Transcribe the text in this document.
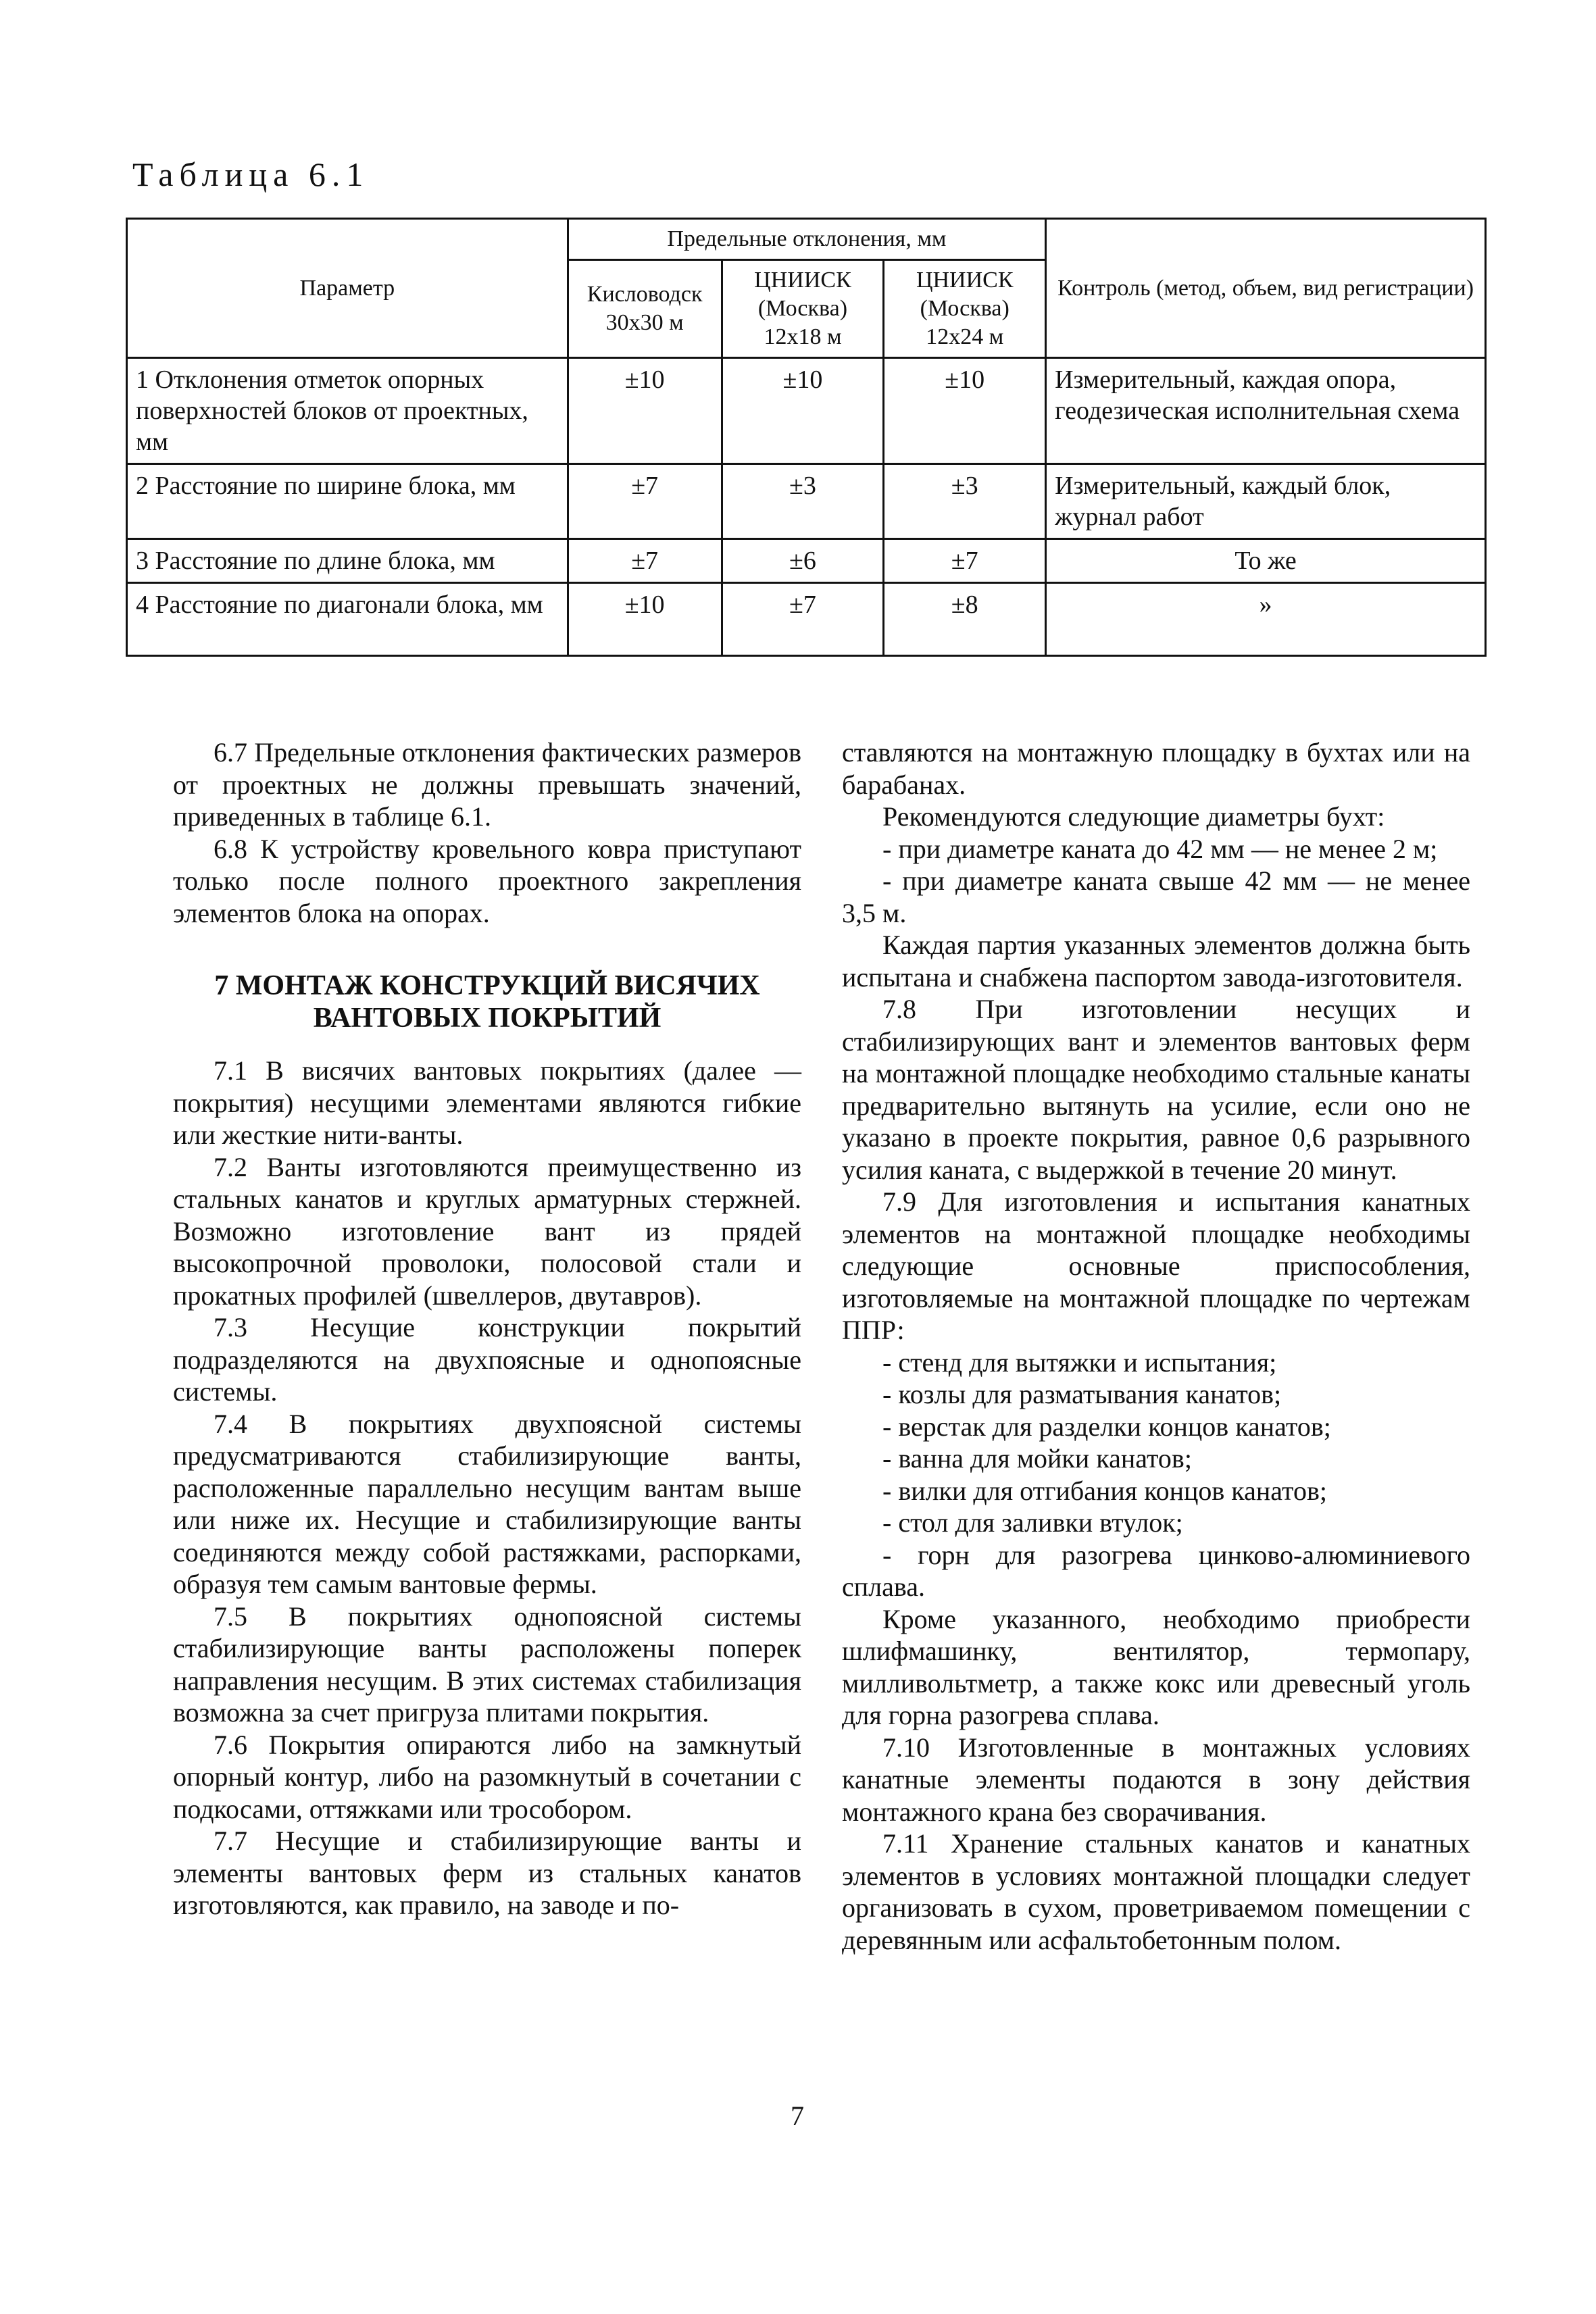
Таблица 6.1
Параметр	Предельные отклонения, мм			Контроль (метод, объем, вид регистрации)
	Кисловодск 30х30 м	ЦНИИСК (Москва) 12х18 м	ЦНИИСК (Москва) 12х24 м	
1 Отклонения отметок опорных поверхностей блоков от проектных, мм	±10	±10	±10	Измерительный, каждая опора, геодезическая исполнительная схема
2 Расстояние по ширине блока, мм	±7	±3	±3	Измерительный, каждый блок, журнал работ
3 Расстояние по длине блока, мм	±7	±6	±7	То же
4 Расстояние по диагонали блока, мм	±10	±7	±8	»

6.7 Предельные отклонения фактических размеров от проектных не должны превышать значений, приведенных в таблице 6.1.

6.8 К устройству кровельного ковра приступают только после полного проектного закрепления элементов блока на опорах.

7 МОНТАЖ КОНСТРУКЦИЙ ВИСЯЧИХ ВАНТОВЫХ ПОКРЫТИЙ

7.1 В висячих вантовых покрытиях (далее — покрытия) несущими элементами являются гибкие или жесткие нити-ванты.

7.2 Ванты изготовляются преимущественно из стальных канатов и круглых арматурных стержней. Возможно изготовление вант из прядей высокопрочной проволоки, полосовой стали и прокатных профилей (швеллеров, двутавров).

7.3 Несущие конструкции покрытий подразделяются на двухпоясные и однопоясные системы.

7.4 В покрытиях двухпоясной системы предусматриваются стабилизирующие ванты, расположенные параллельно несущим вантам выше или ниже их. Несущие и стабилизирующие ванты соединяются между собой растяжками, распорками, образуя тем самым вантовые фермы.

7.5 В покрытиях однопоясной системы стабилизирующие ванты расположены поперек направления несущим. В этих системах стабилизация возможна за счет пригруза плитами покрытия.

7.6 Покрытия опираются либо на замкнутый опорный контур, либо на разомкнутый в сочетании с подкосами, оттяжками или трособором.

7.7 Несущие и стабилизирующие ванты и элементы вантовых ферм из стальных канатов изготовляются, как правило, на заводе и по-

ставляются на монтажную площадку в бухтах или на барабанах.

Рекомендуются следующие диаметры бухт:

- при диаметре каната до 42 мм — не менее 2 м;

- при диаметре каната свыше 42 мм — не менее 3,5 м.

Каждая партия указанных элементов должна быть испытана и снабжена паспортом завода-изготовителя.

7.8 При изготовлении несущих и стабилизирующих вант и элементов вантовых ферм на монтажной площадке необходимо стальные канаты предварительно вытянуть на усилие, если оно не указано в проекте покрытия, равное 0,6 разрывного усилия каната, с выдержкой в течение 20 минут.

7.9 Для изготовления и испытания канатных элементов на монтажной площадке необходимы следующие основные приспособления, изготовляемые на монтажной площадке по чертежам ППР:

- стенд для вытяжки и испытания;

- козлы для разматывания канатов;

- верстак для разделки концов канатов;

- ванна для мойки канатов;

- вилки для отгибания концов канатов;

- стол для заливки втулок;

- горн для разогрева цинково-алюминиевого сплава.

Кроме указанного, необходимо приобрести шлифмашинку, вентилятор, термопару, милливольтметр, а также кокс или древесный уголь для горна разогрева сплава.

7.10 Изготовленные в монтажных условиях канатные элементы подаются в зону действия монтажного крана без сворачивания.

7.11 Хранение стальных канатов и канатных элементов в условиях монтажной площадки следует организовать в сухом, проветриваемом помещении с деревянным или асфальтобетонным полом.

7
